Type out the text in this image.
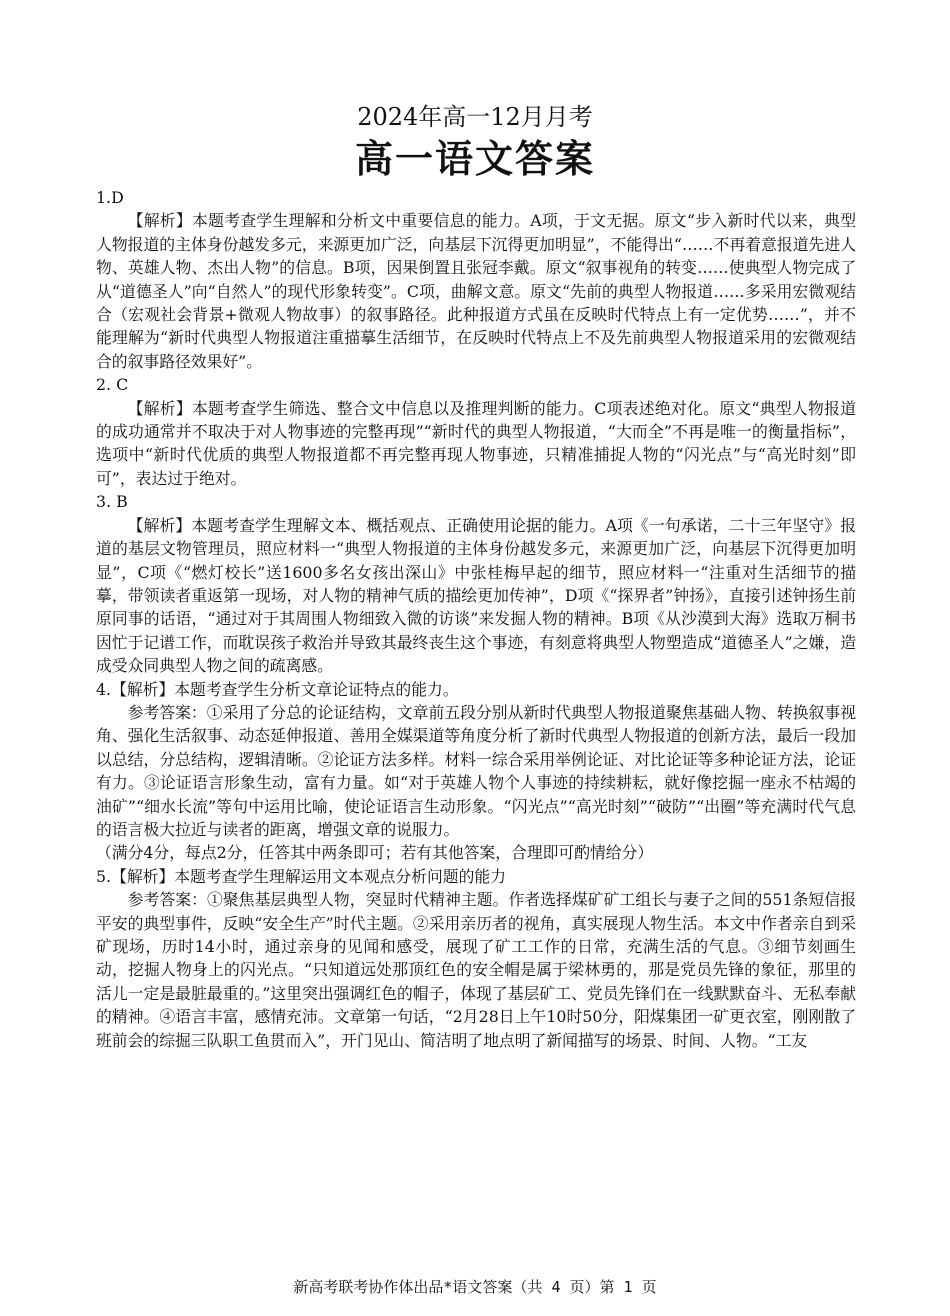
2024年高一12月月考
高一语文答案

1.D

【解析】本题考查学生理解和分析文中重要信息的能力。A项，于文无据。原文“步入新时代以来，典型人物报道的主体身份越发多元，来源更加广泛，向基层下沉得更加明显”，不能得出“……不再着意报道先进人物、英雄人物、杰出人物”的信息。B项，因果倒置且张冠李戴。原文“叙事视角的转变……使典型人物完成了从“道德圣人”向“自然人”的现代形象转变”。C项，曲解文意。原文“先前的典型人物报道……多采用宏微观结合（宏观社会背景+微观人物故事）的叙事路径。此种报道方式虽在反映时代特点上有一定优势……”，并不能理解为“新时代典型人物报道注重描摹生活细节，在反映时代特点上不及先前典型人物报道采用的宏微观结合的叙事路径效果好”。

2. C

【解析】本题考查学生筛选、整合文中信息以及推理判断的能力。C项表述绝对化。原文“典型人物报道的成功通常并不取决于对人物事迹的完整再现”“新时代的典型人物报道，“大而全”不再是唯一的衡量指标”，选项中“新时代优质的典型人物报道都不再完整再现人物事迹，只精准捕捉人物的“闪光点”与“高光时刻”即可”，表达过于绝对。

3. B

【解析】本题考查学生理解文本、概括观点、正确使用论据的能力。A项《一句承诺，二十三年坚守》报道的基层文物管理员，照应材料一“典型人物报道的主体身份越发多元，来源更加广泛，向基层下沉得更加明显”，C项《“燃灯校长”送1600多名女孩出深山》中张桂梅早起的细节，照应材料一“注重对生活细节的描摹，带领读者重返第一现场，对人物的精神气质的描绘更加传神”，D项《“探界者”钟扬》，直接引述钟扬生前原同事的话语，“通过对于其周围人物细致入微的访谈”来发掘人物的精神。B项《从沙漠到大海》选取万桐书因忙于记谱工作，而耽误孩子救治并导致其最终丧生这个事迹，有刻意将典型人物塑造成“道德圣人”之嫌，造成受众同典型人物之间的疏离感。

4.【解析】本题考查学生分析文章论证特点的能力。

参考答案：①采用了分总的论证结构，文章前五段分别从新时代典型人物报道聚焦基础人物、转换叙事视角、强化生活叙事、动态延伸报道、善用全媒渠道等角度分析了新时代典型人物报道的创新方法，最后一段加以总结，分总结构，逻辑清晰。②论证方法多样。材料一综合采用举例论证、对比论证等多种论证方法，论证有力。③论证语言形象生动，富有力量。如“对于英雄人物个人事迹的持续耕耘，就好像挖掘一座永不枯竭的油矿”“细水长流”等句中运用比喻，使论证语言生动形象。“闪光点”“高光时刻”“破防”“出圈”等充满时代气息的语言极大拉近与读者的距离，增强文章的说服力。

（满分4分，每点2分，任答其中两条即可；若有其他答案，合理即可酌情给分）

5.【解析】本题考查学生理解运用文本观点分析问题的能力

参考答案：①聚焦基层典型人物，突显时代精神主题。作者选择煤矿矿工组长与妻子之间的551条短信报平安的典型事件，反映“安全生产”时代主题。②采用亲历者的视角，真实展现人物生活。本文中作者亲自到采矿现场，历时14小时，通过亲身的见闻和感受，展现了矿工工作的日常，充满生活的气息。③细节刻画生动，挖掘人物身上的闪光点。“只知道远处那顶红色的安全帽是属于梁林勇的，那是党员先锋的象征，那里的活儿一定是最脏最重的。”这里突出强调红色的帽子，体现了基层矿工、党员先锋们在一线默默奋斗、无私奉献的精神。④语言丰富，感情充沛。文章第一句话，“2月28日上午10时50分，阳煤集团一矿更衣室，刚刚散了班前会的综掘三队职工鱼贯而入”，开门见山、简洁明了地点明了新闻描写的场景、时间、人物。“工友

新高考联考协作体出品*语文答案（共 4 页）第 1 页
